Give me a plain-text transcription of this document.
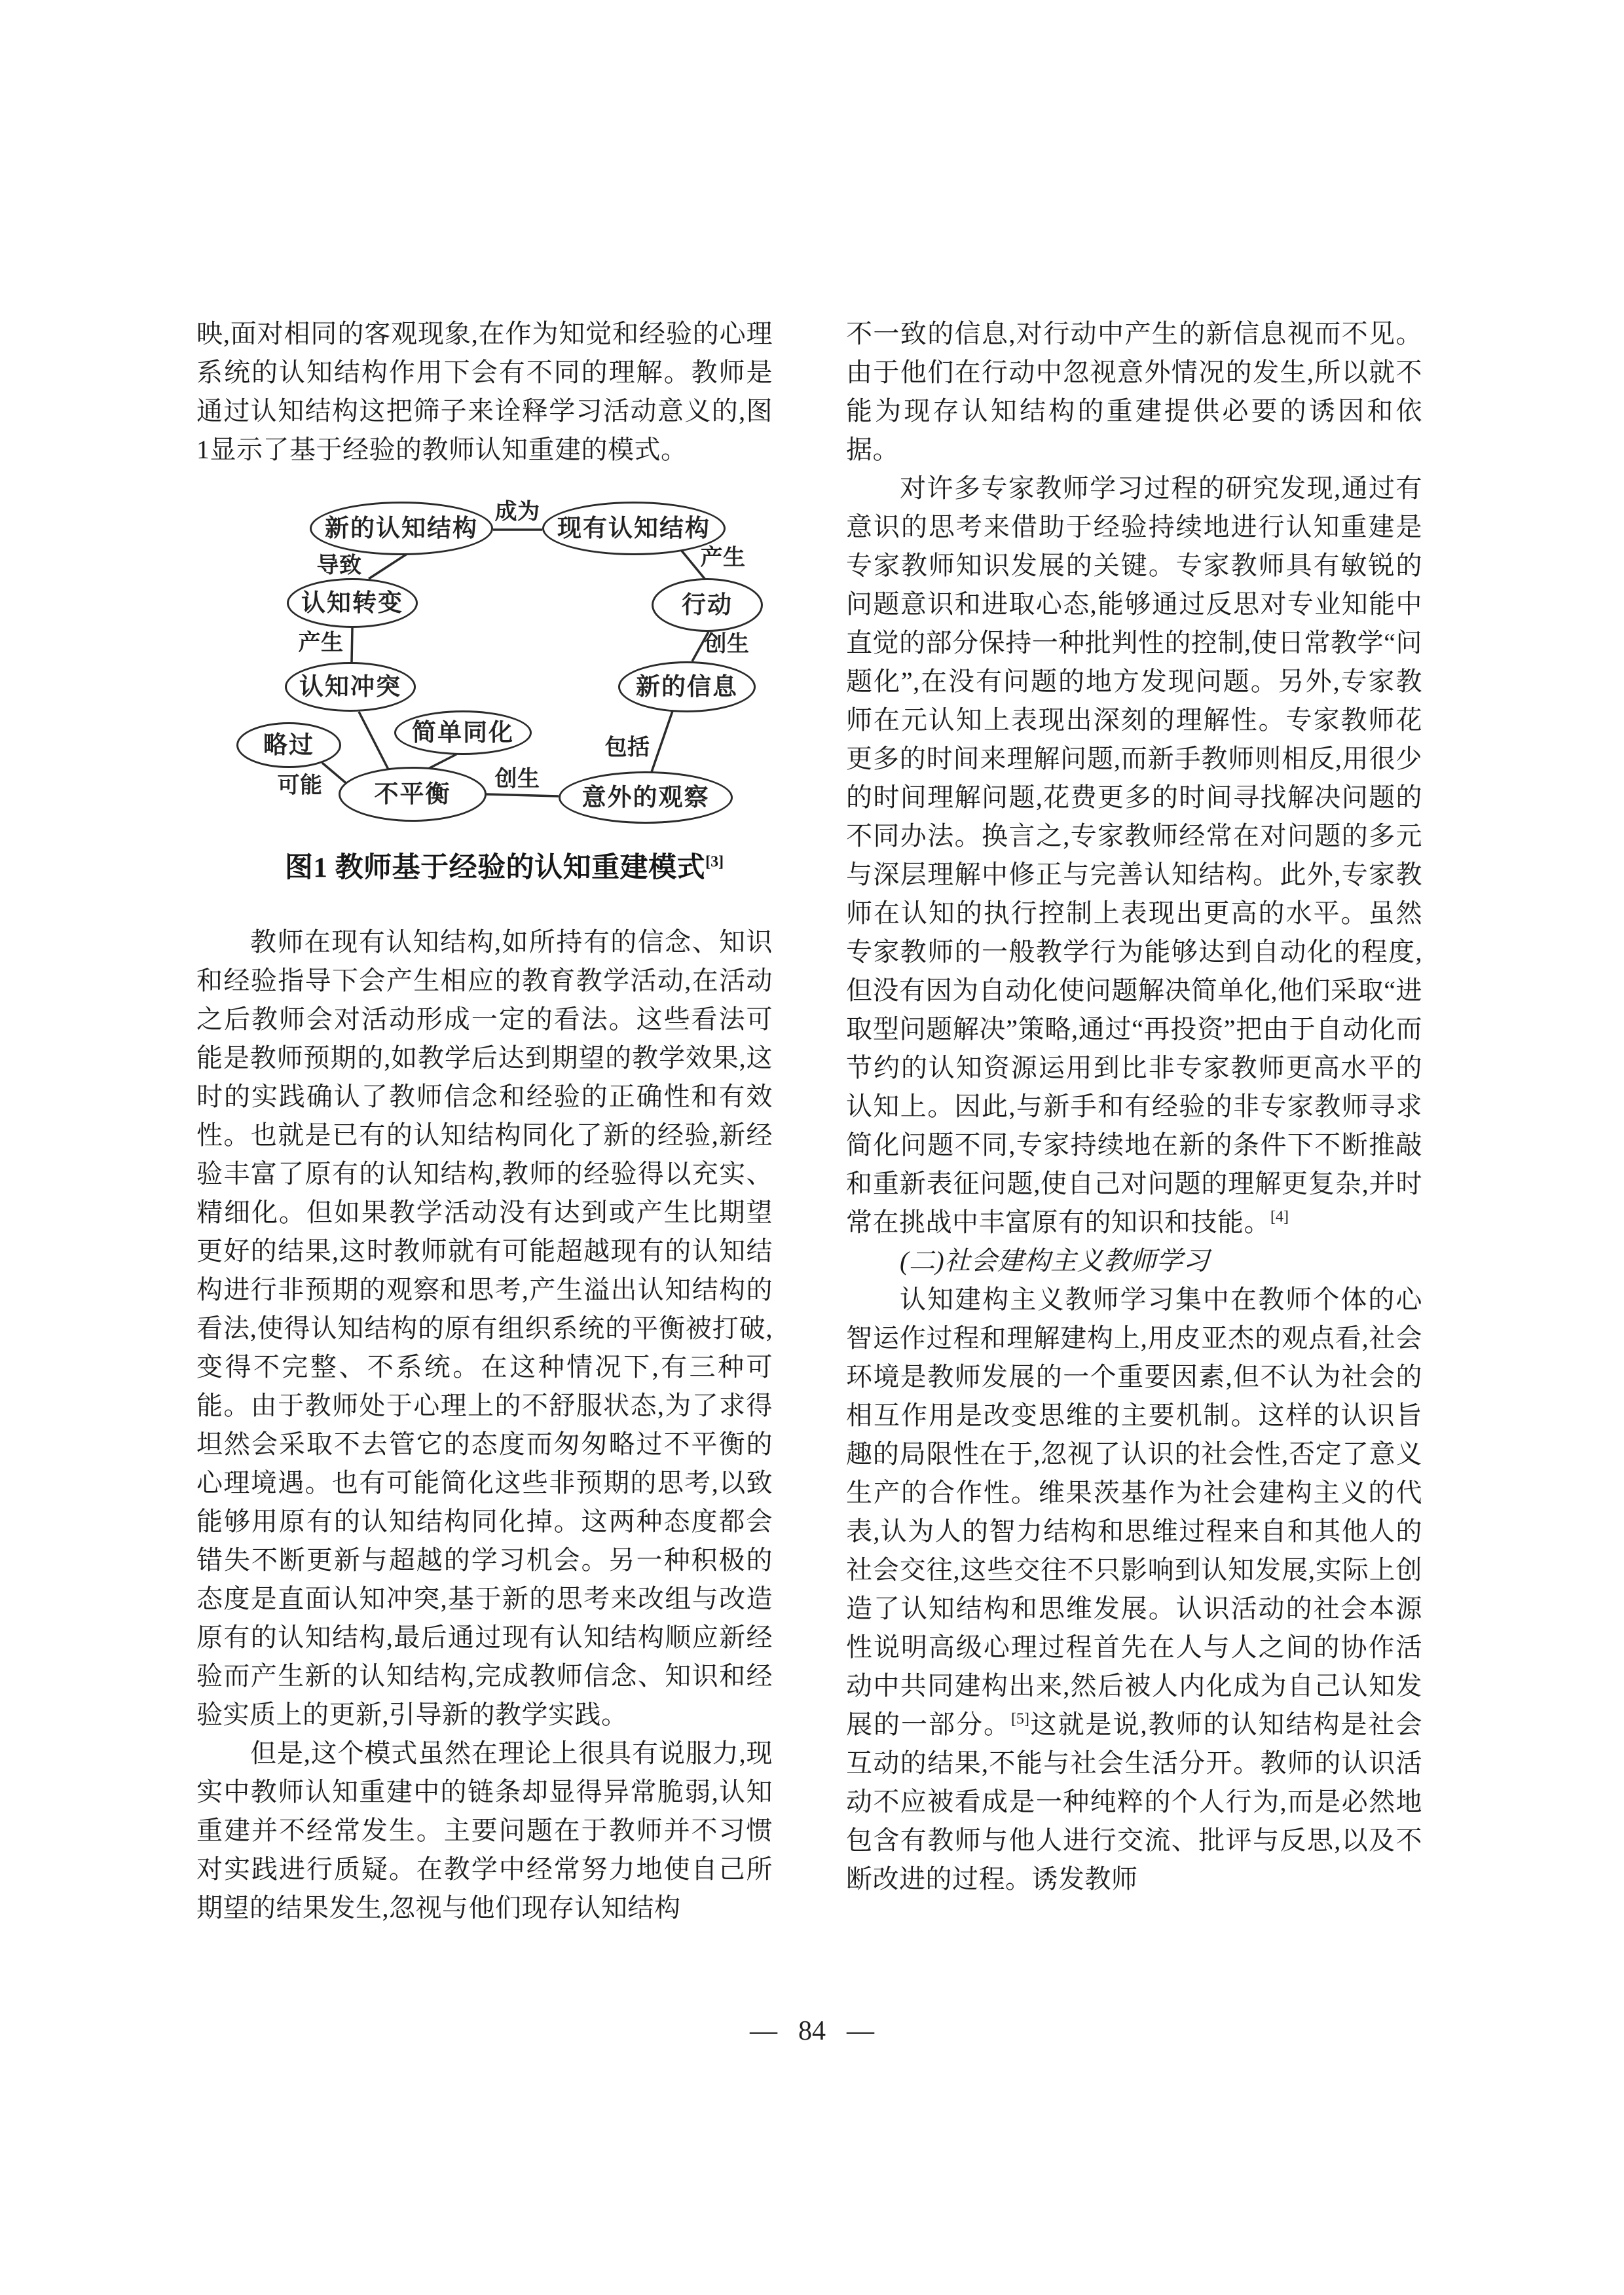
映,面对相同的客观现象,在作为知觉和经验的心理系统的认知结构作用下会有不同的理解。教师是通过认知结构这把筛子来诠释学习活动意义的,图1显示了基于经验的教师认知重建的模式。

新的认知结构	现有认知结构
行动
新的信息
意外的观察
不平衡
略过	简单同化
认知冲突
认知转变
成为
产生
创生
包括
创生
可能
产生
导致
图1 教师基于经验的认知重建模式[3]

教师在现有认知结构,如所持有的信念、知识和经验指导下会产生相应的教育教学活动,在活动之后教师会对活动形成一定的看法。这些看法可能是教师预期的,如教学后达到期望的教学效果,这时的实践确认了教师信念和经验的正确性和有效性。也就是已有的认知结构同化了新的经验,新经验丰富了原有的认知结构,教师的经验得以充实、精细化。但如果教学活动没有达到或产生比期望更好的结果,这时教师就有可能超越现有的认知结构进行非预期的观察和思考,产生溢出认知结构的看法,使得认知结构的原有组织系统的平衡被打破,变得不完整、不系统。在这种情况下,有三种可能。由于教师处于心理上的不舒服状态,为了求得坦然会采取不去管它的态度而匆匆略过不平衡的心理境遇。也有可能简化这些非预期的思考,以致能够用原有的认知结构同化掉。这两种态度都会错失不断更新与超越的学习机会。另一种积极的态度是直面认知冲突,基于新的思考来改组与改造原有的认知结构,最后通过现有认知结构顺应新经验而产生新的认知结构,完成教师信念、知识和经验实质上的更新,引导新的教学实践。

但是,这个模式虽然在理论上很具有说服力,现实中教师认知重建中的链条却显得异常脆弱,认知重建并不经常发生。主要问题在于教师并不习惯对实践进行质疑。在教学中经常努力地使自己所期望的结果发生,忽视与他们现存认知结构

不一致的信息,对行动中产生的新信息视而不见。由于他们在行动中忽视意外情况的发生,所以就不能为现存认知结构的重建提供必要的诱因和依据。

对许多专家教师学习过程的研究发现,通过有意识的思考来借助于经验持续地进行认知重建是专家教师知识发展的关键。专家教师具有敏锐的问题意识和进取心态,能够通过反思对专业知能中直觉的部分保持一种批判性的控制,使日常教学“问题化”,在没有问题的地方发现问题。另外,专家教师在元认知上表现出深刻的理解性。专家教师花更多的时间来理解问题,而新手教师则相反,用很少的时间理解问题,花费更多的时间寻找解决问题的不同办法。换言之,专家教师经常在对问题的多元与深层理解中修正与完善认知结构。此外,专家教师在认知的执行控制上表现出更高的水平。虽然专家教师的一般教学行为能够达到自动化的程度,但没有因为自动化使问题解决简单化,他们采取“进取型问题解决”策略,通过“再投资”把由于自动化而节约的认知资源运用到比非专家教师更高水平的认知上。因此,与新手和有经验的非专家教师寻求简化问题不同,专家持续地在新的条件下不断推敲和重新表征问题,使自己对问题的理解更复杂,并时常在挑战中丰富原有的知识和技能。[4]

(二)社会建构主义教师学习

认知建构主义教师学习集中在教师个体的心智运作过程和理解建构上,用皮亚杰的观点看,社会环境是教师发展的一个重要因素,但不认为社会的相互作用是改变思维的主要机制。这样的认识旨趣的局限性在于,忽视了认识的社会性,否定了意义生产的合作性。维果茨基作为社会建构主义的代表,认为人的智力结构和思维过程来自和其他人的社会交往,这些交往不只影响到认知发展,实际上创造了认知结构和思维发展。认识活动的社会本源性说明高级心理过程首先在人与人之间的协作活动中共同建构出来,然后被人内化成为自己认知发展的一部分。[5]这就是说,教师的认知结构是社会互动的结果,不能与社会生活分开。教师的认识活动不应被看成是一种纯粹的个人行为,而是必然地包含有教师与他人进行交流、批评与反思,以及不断改进的过程。诱发教师

— 84 —
